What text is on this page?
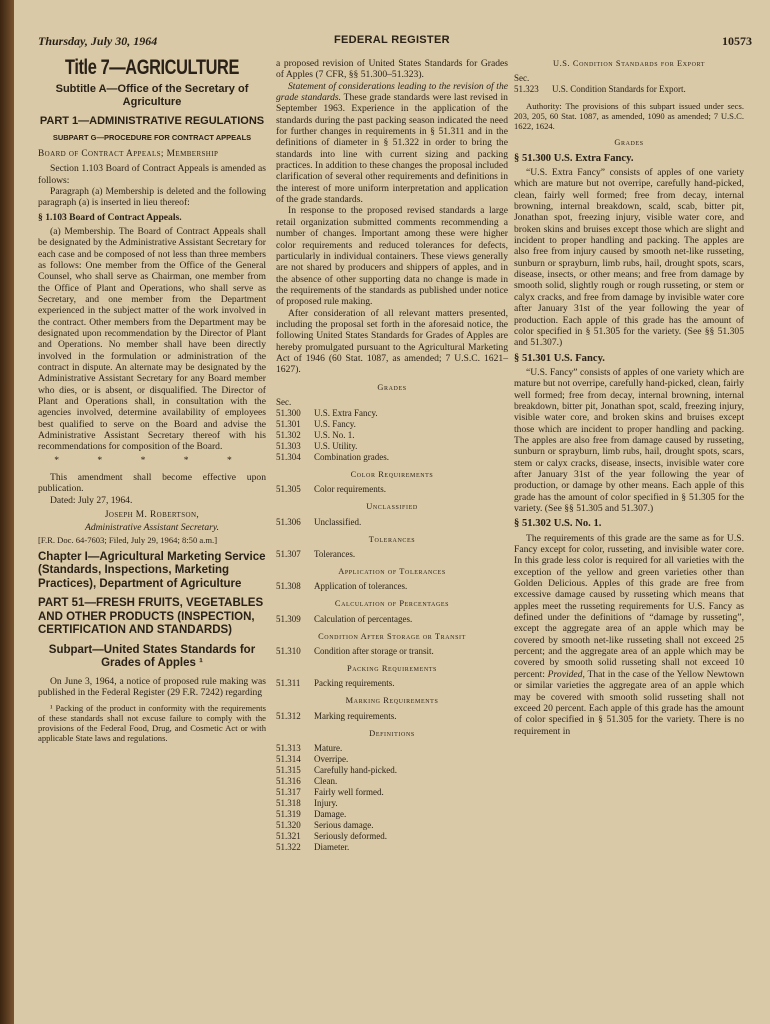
Thursday, July 30, 1964	FEDERAL REGISTER	10573
Title 7—AGRICULTURE
Subtitle A—Office of the Secretary of Agriculture
PART 1—ADMINISTRATIVE REGULATIONS
SUBPART G—PROCEDURE FOR CONTRACT APPEALS

Board of Contract Appeals; Membership

Section 1.103 Board of Contract Appeals is amended as follows:

Paragraph (a) Membership is deleted and the following paragraph (a) is inserted in lieu thereof:

§ 1.103 Board of Contract Appeals.

(a) Membership. The Board of Contract Appeals shall be designated by the Administrative Assistant Secretary for each case and be composed of not less than three members as follows: One member from the Office of the General Counsel, who shall serve as Chairman, one member from the Office of Plant and Operations, who shall serve as Secretary, and one member from the Department experienced in the subject matter of the work involved in the contract. Other members from the Department may be designated upon recommendation by the Director of Plant and Operations. No member shall have been directly involved in the formulation or administration of the contract in dispute. An alternate may be designated by the Administrative Assistant Secretary for any Board member who dies, or is absent, or disqualified. The Director of Plant and Operations shall, in consultation with the agencies involved, determine availability of employees best qualified to serve on the Board and advise the Administrative Assistant Secretary thereof with his recommendations for composition of the Board.

* * * * *

This amendment shall become effective upon publication.

Dated: July 27, 1964.

Joseph M. Robertson,

Administrative Assistant Secretary.

[F.R. Doc. 64-7603; Filed, July 29, 1964; 8:50 a.m.]

Chapter I—Agricultural Marketing Service (Standards, Inspections, Marketing Practices), Department of Agriculture
PART 51—FRESH FRUITS, VEGETABLES AND OTHER PRODUCTS (INSPECTION, CERTIFICATION AND STANDARDS)
Subpart—United States Standards for Grades of Apples ¹

On June 3, 1964, a notice of proposed rule making was published in the Federal Register (29 F.R. 7242) regarding

¹ Packing of the product in conformity with the requirements of these standards shall not excuse failure to comply with the provisions of the Federal Food, Drug, and Cosmetic Act or with applicable State laws and regulations.

a proposed revision of United States Standards for Grades of Apples (7 CFR, §§ 51.300–51.323).

Statement of considerations leading to the revision of the grade standards. These grade standards were last revised in September 1963. Experience in the application of the standards during the past packing season indicated the need for further changes in requirements in § 51.311 and in the definitions of diameter in § 51.322 in order to bring the standards into line with current sizing and packing practices. In addition to these changes the proposal included clarification of several other requirements and definitions in the interest of more uniform interpretation and application of the grade standards.

In response to the proposed revised standards a large retail organization submitted comments recommending a number of changes. Important among these were higher color requirements and reduced tolerances for defects, particularly in individual containers. These views generally are not shared by producers and shippers of apples, and in the absence of other supporting data no change is made in the requirements of the standards as published under notice of proposed rule making.

After consideration of all relevant matters presented, including the proposal set forth in the aforesaid notice, the following United States Standards for Grades of Apples are hereby promulgated pursuant to the Agricultural Marketing Act of 1946 (60 Stat. 1087, as amended; 7 U.S.C. 1621–1627).

Grades
Sec.
51.300	U.S. Extra Fancy.
51.301	U.S. Fancy.
51.302	U.S. No. 1.
51.303	U.S. Utility.
51.304	Combination grades.
Color Requirements
51.305	Color requirements.
Unclassified
51.306	Unclassified.
Tolerances
51.307	Tolerances.
Application of Tolerances
51.308	Application of tolerances.
Calculation of Percentages
51.309	Calculation of percentages.
Condition After Storage or Transit
51.310	Condition after storage or transit.
Packing Requirements
51.311	Packing requirements.
Marking Requirements
51.312	Marking requirements.
Definitions
51.313	Mature.
51.314	Overripe.
51.315	Carefully hand-picked.
51.316	Clean.
51.317	Fairly well formed.
51.318	Injury.
51.319	Damage.
51.320	Serious damage.
51.321	Seriously deformed.
51.322	Diameter.
U.S. Condition Standards for Export
Sec.
51.323	U.S. Condition Standards for Export.

Authority: The provisions of this subpart issued under secs. 203, 205, 60 Stat. 1087, as amended, 1090 as amended; 7 U.S.C. 1622, 1624.

Grades

§ 51.300 U.S. Extra Fancy.

“U.S. Extra Fancy” consists of apples of one variety which are mature but not overripe, carefully hand-picked, clean, fairly well formed; free from decay, internal browning, internal breakdown, scald, scab, bitter pit, Jonathan spot, freezing injury, visible water core, and broken skins and bruises except those which are slight and incident to proper handling and packing. The apples are also free from injury caused by smooth net-like russeting, sunburn or sprayburn, limb rubs, hail, drought spots, scars, disease, insects, or other means; and free from damage by smooth solid, slightly rough or rough russeting, or stem or calyx cracks, and free from damage by invisible water core after January 31st of the year following the year of production. Each apple of this grade has the amount of color specified in § 51.305 for the variety. (See §§ 51.305 and 51.307.)

§ 51.301 U.S. Fancy.

“U.S. Fancy” consists of apples of one variety which are mature but not overripe, carefully hand-picked, clean, fairly well formed; free from decay, internal browning, internal breakdown, bitter pit, Jonathan spot, scald, freezing injury, visible water core, and broken skins and bruises except those which are incident to proper handling and packing. The apples are also free from damage caused by russeting, sunburn or sprayburn, limb rubs, hail, drought spots, scars, stem or calyx cracks, disease, insects, invisible water core after January 31st of the year following the year of production, or damage by other means. Each apple of this grade has the amount of color specified in § 51.305 for the variety. (See §§ 51.305 and 51.307.)

§ 51.302 U.S. No. 1.

The requirements of this grade are the same as for U.S. Fancy except for color, russeting, and invisible water core. In this grade less color is required for all varieties with the exception of the yellow and green varieties other than Golden Delicious. Apples of this grade are free from excessive damage caused by russeting which means that apples meet the russeting requirements for U.S. Fancy as defined under the definitions of “damage by russeting”, except the aggregate area of an apple which may be covered by smooth net-like russeting shall not exceed 25 percent; and the aggregate area of an apple which may be covered by smooth solid russeting shall not exceed 10 percent: Provided, That in the case of the Yellow Newtown or similar varieties the aggregate area of an apple which may be covered with smooth solid russeting shall not exceed 20 percent. Each apple of this grade has the amount of color specified in § 51.305 for the variety. There is no requirement in
